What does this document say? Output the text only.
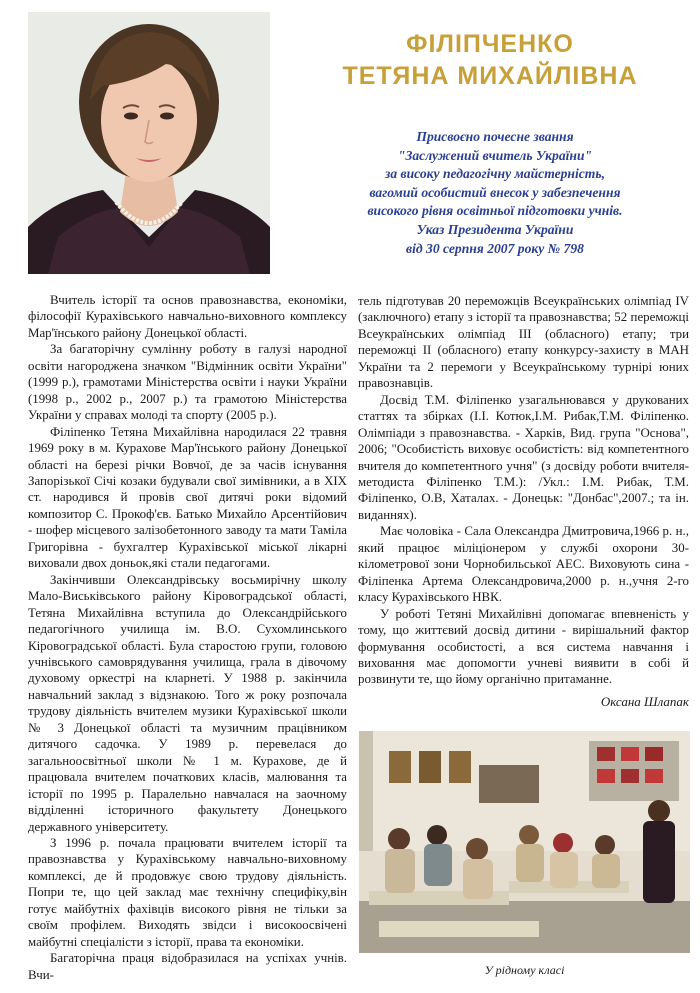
ФІЛІПЧЕНКО
ТЕТЯНА МИХАЙЛІВНА
Присвоєно почесне звання
"Заслужений вчитель України"
за високу педагогічну майстерність,
вагомий особистий внесок у забезпечення
високого рівня освітньої підготовки учнів.
Указ Президента України
від 30 серпня 2007 року № 798

Вчитель історії та основ правознавства, економіки, філософії Курахівського навчально-виховного комплексу Мар'їнського району Донецької області.

За багаторічну сумлінну роботу в галузі народної освіти нагороджена значком "Відмінник освіти України" (1999 р.), грамотами Міністерства освіти і науки України (1998 р., 2002 р., 2007 р.) та грамотою Міністерства України у справах молоді та спорту (2005 р.).

Філіпенко Тетяна Михайлівна народилася 22 травня 1969 року в м. Курахове Мар'їнського району Донецької області на березі річки Вовчої, де за часів існування Запорізької Січі козаки будували свої зимівники, а в XIX ст. народився й провів свої дитячі роки відомий композитор С. Прокоф'єв. Батько Михайло Арсентійович - шофер місцевого залізобетонного заводу та мати Таміла Григорівна - бухгалтер Курахівської міської лікарні виховали двох доньок,які стали педагогами.

Закінчивши Олександрівську восьмирічну школу Мало-Виськівського району Кіровоградської області, Тетяна Михайлівна вступила до Олександрійського педагогічного училища ім. В.О. Сухомлинського Кіровоградської області. Була старостою групи, головою учнівського самоврядування училища, грала в дівочому духовому оркестрі на кларнеті. У 1988 р. закінчила навчальний заклад з відзнакою. Того ж року розпочала трудову діяльність вчителем музики Курахівської школи № 3 Донецької області та музичним працівником дитячого садочка. У 1989 р. перевелася до загальноосвітньої школи № 1 м. Курахове, де й працювала вчителем початкових класів, малювання та історії по 1995 р. Паралельно навчалася на заочному відділенні історичного факультету Донецького державного університету.

З 1996 р. почала працювати вчителем історії та правознавства у Курахівському навчально-виховному комплексі, де й продовжує свою трудову діяльність. Попри те, що цей заклад має технічну специфіку,він готує майбутніх фахівців високого рівня не тільки за своїм профілем. Виходять звідси і високоосвічені майбутні спеціалісти з історії, права та економіки.

Багаторічна праця відобразилася на успіхах учнів. Вчи-

тель підготував 20 переможців Всеукраїнських олімпіад IV (заключного) етапу з історії та правознавства; 52 переможці Всеукраїнських олімпіад III (обласного) етапу; три переможці II (обласного) етапу конкурсу-захисту в МАН України та 2 перемоги у Всеукраїнському турнірі юних правознавців.

Досвід Т.М. Філіпенко узагальнювався у друкованих статтях та збірках (І.І. Котюк,І.М. Рибак,Т.М. Філіпенко. Олімпіади з правознавства. - Харків, Вид. група "Основа", 2006; "Особистість виховує особистість: від компетентного вчителя до компетентного учня" (з досвіду роботи вчителя-методиста Філіпенко Т.М.): /Укл.: І.М. Рибак, Т.М. Філіпенко, О.В, Хаталах. - Донецьк: "Донбас",2007.; та ін. виданнях).

Має чоловіка - Сала Олександра Дмитровича,1966 р. н., який працює міліціонером у службі охорони 30-кілометрової зони Чорнобильської АЕС. Виховують сина - Філіпенка Артема Олександровича,2000 р. н.,учня 2-го класу Курахівського НВК.

У роботі Тетяні Михайлівні допомагає впевненість у тому, що життєвий досвід дитини - вирішальний фактор формування особистості, а вся система навчання і виховання має допомогти учневі виявити в собі й розвинути те, що йому органічно притаманне.

Оксана Шлапак
У рідному класі
